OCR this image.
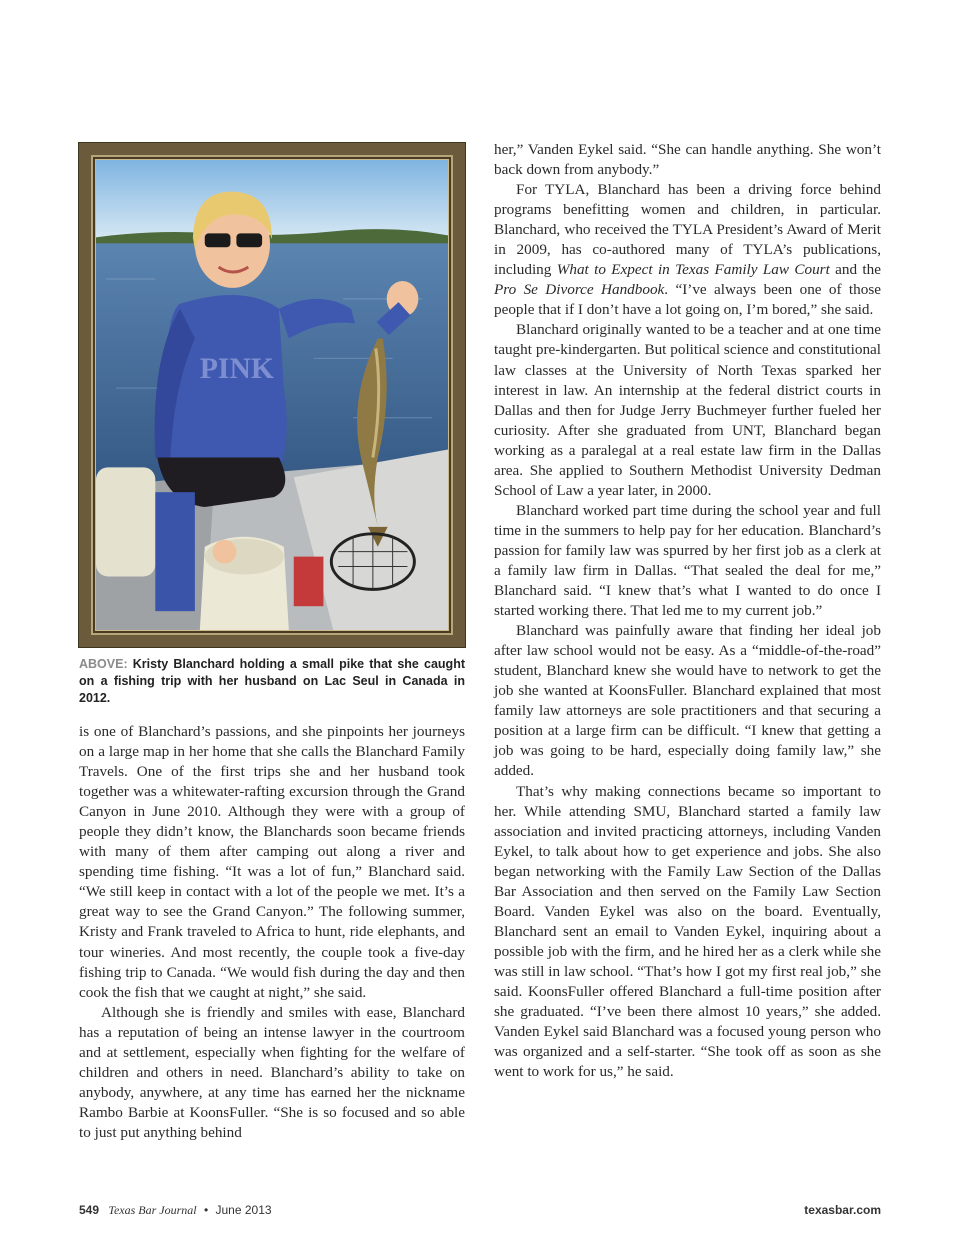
PINK
ABOVE: Kristy Blanchard holding a small pike that she caught on a fishing trip with her husband on Lac Seul in Canada in 2012.

is one of Blanchard’s passions, and she pinpoints her journeys on a large map in her home that she calls the Blanchard Family Travels. One of the first trips she and her husband took together was a whitewater-rafting excursion through the Grand Canyon in June 2010. Although they were with a group of people they didn’t know, the Blanchards soon became friends with many of them after camping out along a river and spending time fishing. “It was a lot of fun,” Blanchard said. “We still keep in contact with a lot of the people we met. It’s a great way to see the Grand Canyon.” The following summer, Kristy and Frank traveled to Africa to hunt, ride elephants, and tour wineries. And most recently, the couple took a five-day fishing trip to Canada. “We would fish during the day and then cook the fish that we caught at night,” she said.

Although she is friendly and smiles with ease, Blanchard has a reputation of being an intense lawyer in the courtroom and at settlement, especially when fighting for the welfare of children and others in need. Blanchard’s ability to take on anybody, anywhere, at any time has earned her the nickname Rambo Barbie at KoonsFuller. “She is so focused and so able to just put anything behind

her,” Vanden Eykel said. “She can handle anything. She won’t back down from anybody.”

For TYLA, Blanchard has been a driving force behind programs benefitting women and children, in particular. Blanchard, who received the TYLA President’s Award of Merit in 2009, has co-authored many of TYLA’s publications, including What to Expect in Texas Family Law Court and the Pro Se Divorce Handbook. “I’ve always been one of those people that if I don’t have a lot going on, I’m bored,” she said.

Blanchard originally wanted to be a teacher and at one time taught pre-kindergarten. But political science and constitutional law classes at the University of North Texas sparked her interest in law. An internship at the federal district courts in Dallas and then for Judge Jerry Buchmeyer further fueled her curiosity. After she graduated from UNT, Blanchard began working as a paralegal at a real estate law firm in the Dallas area. She applied to Southern Methodist University Dedman School of Law a year later, in 2000.

Blanchard worked part time during the school year and full time in the summers to help pay for her education. Blanchard’s passion for family law was spurred by her first job as a clerk at a family law firm in Dallas. “That sealed the deal for me,” Blanchard said. “I knew that’s what I wanted to do once I started working there. That led me to my current job.”

Blanchard was painfully aware that finding her ideal job after law school would not be easy. As a “middle-of-the-road” student, Blanchard knew she would have to network to get the job she wanted at KoonsFuller. Blanchard explained that most family law attorneys are sole practitioners and that securing a position at a large firm can be difficult. “I knew that getting a job was going to be hard, especially doing family law,” she added.

That’s why making connections became so important to her. While attending SMU, Blanchard started a family law association and invited practicing attorneys, including Vanden Eykel, to talk about how to get experience and jobs. She also began networking with the Family Law Section of the Dallas Bar Association and then served on the Family Law Section Board. Vanden Eykel was also on the board. Eventually, Blanchard sent an email to Vanden Eykel, inquiring about a possible job with the firm, and he hired her as a clerk while she was still in law school. “That’s how I got my first real job,” she said. KoonsFuller offered Blanchard a full-time position after she graduated. “I’ve been there almost 10 years,” she added. Vanden Eykel said Blanchard was a focused young person who was organized and a self-starter. “She took off as soon as she went to work for us,” he said.

549 Texas Bar Journal • June 2013	texasbar.com
